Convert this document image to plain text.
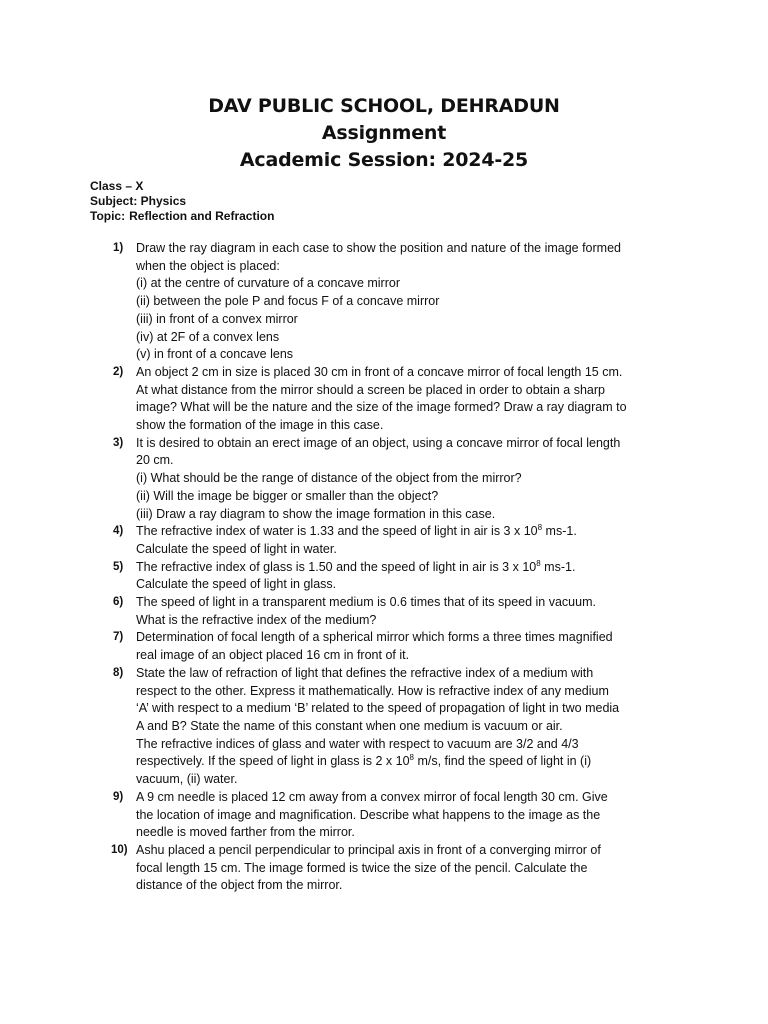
DAV PUBLIC SCHOOL, DEHRADUN
Assignment
Academic Session: 2024-25
Class – X
Subject: Physics
Topic: Reflection and Refraction
1) Draw the ray diagram in each case to show the position and nature of the image formed
when the object is placed:
(i) at the centre of curvature of a concave mirror
(ii) between the pole P and focus F of a concave mirror
(iii) in front of a convex mirror
(iv) at 2F of a convex lens
(v) in front of a concave lens
2) An object 2 cm in size is placed 30 cm in front of a concave mirror of focal length 15 cm.
At what distance from the mirror should a screen be placed in order to obtain a sharp
image? What will be the nature and the size of the image formed? Draw a ray diagram to
show the formation of the image in this case.
3) It is desired to obtain an erect image of an object, using a concave mirror of focal length
20 cm.
(i) What should be the range of distance of the object from the mirror?
(ii) Will the image be bigger or smaller than the object?
(iii) Draw a ray diagram to show the image formation in this case.
4) The refractive index of water is 1.33 and the speed of light in air is 3 x $10^8$ ms-1.
Calculate the speed of light in water.
5) The refractive index of glass is 1.50 and the speed of light in air is 3 x $10^8$ ms-1.
Calculate the speed of light in glass.
6) The speed of light in a transparent medium is 0.6 times that of its speed in vacuum.
What is the refractive index of the medium?
7) Determination of focal length of a spherical mirror which forms a three times magnified
real image of an object placed 16 cm in front of it.
8) State the law of refraction of light that defines the refractive index of a medium with
respect to the other. Express it mathematically. How is refractive index of any medium
‘A’ with respect to a medium ‘B’ related to the speed of propagation of light in two media
A and B? State the name of this constant when one medium is vacuum or air.
The refractive indices of glass and water with respect to vacuum are 3/2 and 4/3
respectively. If the speed of light in glass is 2 x $10^8$ m/s, find the speed of light in (i)
vacuum, (ii) water.
9) A 9 cm needle is placed 12 cm away from a convex mirror of focal length 30 cm. Give
the location of image and magnification. Describe what happens to the image as the
needle is moved farther from the mirror.
10) Ashu placed a pencil perpendicular to principal axis in front of a converging mirror of
focal length 15 cm. The image formed is twice the size of the pencil. Calculate the
distance of the object from the mirror.
